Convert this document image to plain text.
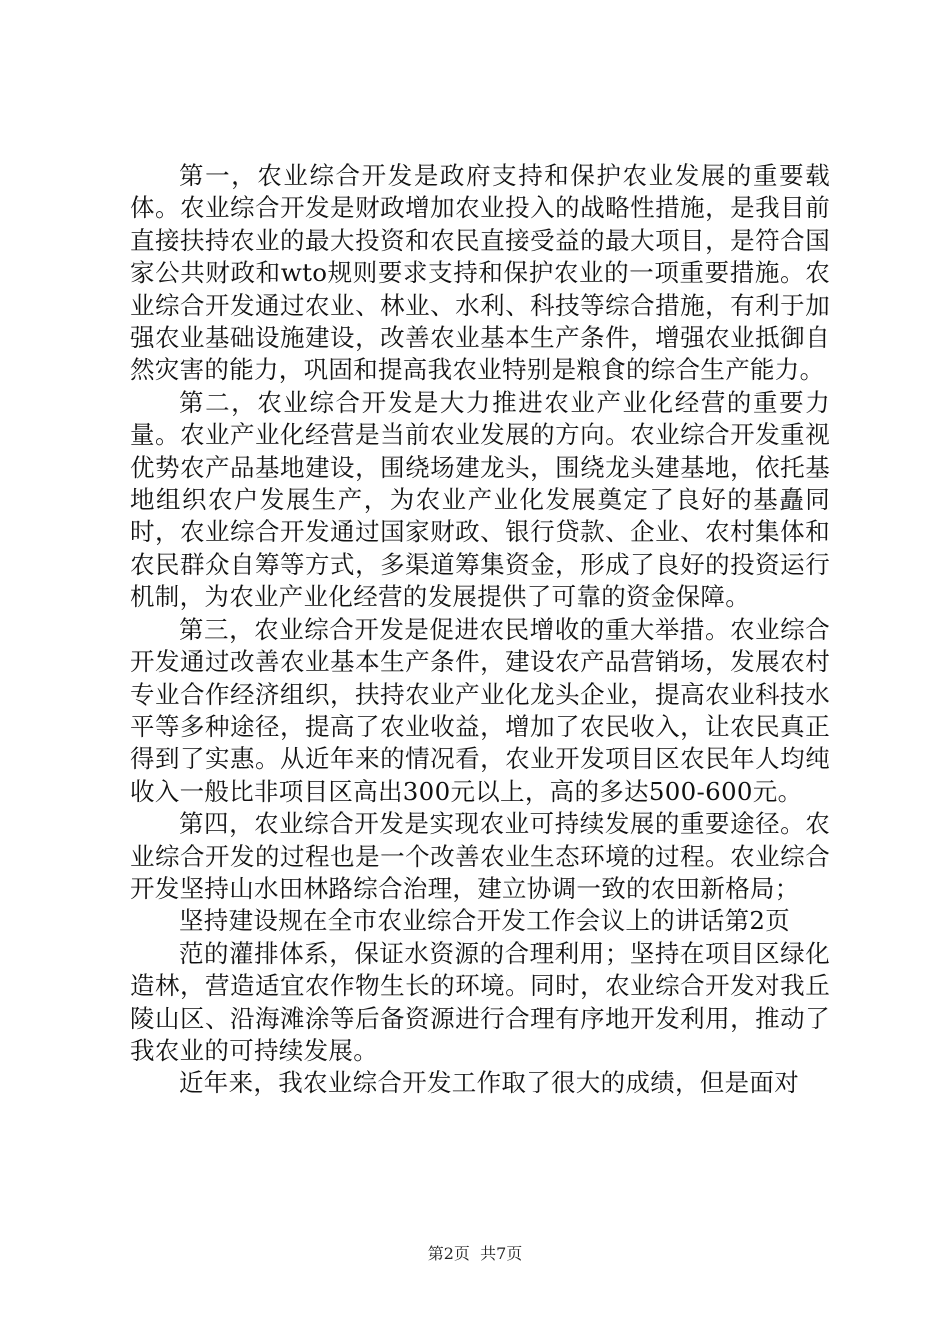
第一，农业综合开发是政府支持和保护农业发展的重要载体。农业综合开发是财政增加农业投入的战略性措施，是我目前直接扶持农业的最大投资和农民直接受益的最大项目，是符合国家公共财政和wto规则要求支持和保护农业的一项重要措施。农业综合开发通过农业、林业、水利、科技等综合措施，有利于加强农业基础设施建设，改善农业基本生产条件，增强农业抵御自然灾害的能力，巩固和提高我农业特别是粮食的综合生产能力。

第二，农业综合开发是大力推进农业产业化经营的重要力量。农业产业化经营是当前农业发展的方向。农业综合开发重视优势农产品基地建设，围绕场建龙头，围绕龙头建基地，依托基地组织农户发展生产，为农业产业化发展奠定了良好的基矗同时，农业综合开发通过国家财政、银行贷款、企业、农村集体和农民群众自筹等方式，多渠道筹集资金，形成了良好的投资运行机制，为农业产业化经营的发展提供了可靠的资金保障。

第三，农业综合开发是促进农民增收的重大举措。农业综合开发通过改善农业基本生产条件，建设农产品营销场，发展农村专业合作经济组织，扶持农业产业化龙头企业，提高农业科技水平等多种途径，提高了农业收益，增加了农民收入，让农民真正得到了实惠。从近年来的情况看，农业开发项目区农民年人均纯收入一般比非项目区高出300元以上，高的多达500-600元。

第四，农业综合开发是实现农业可持续发展的重要途径。农业综合开发的过程也是一个改善农业生态环境的过程。农业综合开发坚持山水田林路综合治理，建立协调一致的农田新格局；

坚持建设规在全市农业综合开发工作会议上的讲话第2页

范的灌排体系，保证水资源的合理利用；坚持在项目区绿化造林，营造适宜农作物生长的环境。同时，农业综合开发对我丘陵山区、沿海滩涂等后备资源进行合理有序地开发利用，推动了我农业的可持续发展。

近年来，我农业综合开发工作取了很大的成绩，但是面对

第2页 共7页
